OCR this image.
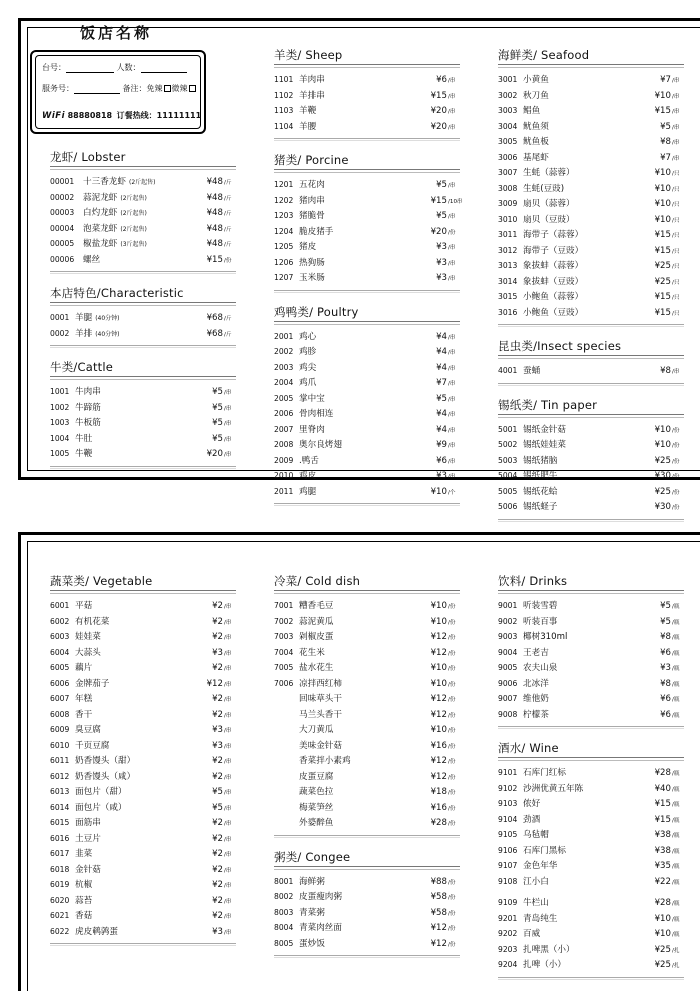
饭店名称
台号：	人数：
服务号：	备注：免辣 微辣
WiFi 88880818 订餐热线：11111111
龙虾/ Lobster
00001	十三香龙虾 (2斤起售)	¥48 /斤
00002	蒜泥龙虾 (2斤起售)	¥48 /斤
00003	白灼龙虾 (2斤起售)	¥48 /斤
00004	泡菜龙虾 (2斤起售)	¥48 /斤
00005	椒盐龙虾 (3斤起售)	¥48 /斤
00006	螺丝	¥15 /份
本店特色/Characteristic
0001 羊腿 (40分钟)	¥68 /斤
0002 羊排 (40分钟)	¥68 /斤
牛类/Cattle
1001 牛肉串	¥5 /串
1002 牛蹄筋	¥5 /串
1003 牛板筋	¥5 /串
1004 牛肚	¥5 /串
1005 牛鞭	¥20 /串
羊类/ Sheep
1101 羊肉串	¥6 /串
1102 羊排串	¥15 /串
1103 羊鞭	¥20 /串
1104 羊腰	¥20 /串
猪类/ Porcine
1201 五花肉	¥5 /串
1202 猪肉串	¥15 /10串
1203 猪脆骨	¥5 /串
1204 脆皮猪手	¥20 /份
1205 猪皮	¥3 /串
1206 热狗肠	¥3 /串
1207 玉米肠	¥3 /串
鸡鸭类/ Poultry
2001 鸡心	¥4 /串
2002 鸡胗	¥4 /串
2003 鸡尖	¥4 /串
2004 鸡爪	¥7 /串
2005 掌中宝	¥5 /串
2006 骨肉相连	¥4 /串
2007 里脊肉	¥4 /串
2008 奥尔良烤翅	¥9 /串
2009 .鸭舌	¥6 /串
2010 鸡皮	¥3 /串
2011 鸡腿	¥10 /个
海鲜类/ Seafood
3001 小黄鱼	¥7 /串
3002 秋刀鱼	¥10 /串
3003 鲳鱼	¥15 /串
3004 鱿鱼须	¥5 /串
3005 鱿鱼板	¥8 /串
3006 基尾虾	¥7 /串
3007 生蚝（蒜蓉）	¥10 /只
3008 生蚝(豆豉)	¥10 /只
3009 扇贝（蒜蓉）	¥10 /只
3010 扇贝（豆豉）	¥10 /只
3011 海带子（蒜蓉）	¥15 /只
3012 海带子（豆豉）	¥15 /只
3013 象拔蚌（蒜蓉）	¥25 /只
3014 象拔蚌（豆豉）	¥25 /只
3015 小鲍鱼（蒜蓉）	¥15 /只
3016 小鲍鱼（豆豉）	¥15 /只
昆虫类/Insect species
4001 蚕蛹	¥8 /串
锡纸类/ Tin paper
5001 锡纸金针菇	¥10 /份
5002 锡纸娃娃菜	¥10 /份
5003 锡纸猪脑	¥25 /份
5004 锡纸肥牛	¥30 /份
5005 锡纸花蛤	¥25 /份
5006 锡纸蛏子	¥30 /份
蔬菜类/ Vegetable
6001 平菇	¥2 /串
6002 有机花菜	¥2 /串
6003 娃娃菜	¥2 /串
6004 大蒜头	¥3 /串
6005 藕片	¥2 /串
6006 金牌茄子	¥12 /串
6007 年糕	¥2 /串
6008 香干	¥2 /串
6009 臭豆腐	¥3 /串
6010 千页豆腐	¥3 /串
6011 奶香馒头（甜）	¥2 /串
6012 奶香馒头（咸）	¥2 /串
6013 面包片（甜）	¥5 /串
6014 面包片（咸）	¥5 /串
6015 面筋串	¥2 /串
6016 土豆片	¥2 /串
6017 韭菜	¥2 /串
6018 金针菇	¥2 /串
6019 杭椒	¥2 /串
6020 蒜苔	¥2 /串
6021 香菇	¥2 /串
6022 虎皮鹌鹑蛋	¥3 /串
冷菜/ Cold dish
7001 糟香毛豆	¥10 /份
7002 蒜泥黄瓜	¥10 /份
7003 剁椒皮蛋	¥12 /份
7004 花生米	¥12 /份
7005 盐水花生	¥10 /份
7006 凉拌西红柿	¥10 /份
回味草头干	¥12 /份
马兰头香干	¥12 /份
大刀黄瓜	¥10 /份
美味金针菇	¥16 /份
香菜拌小素鸡	¥12 /份
皮蛋豆腐	¥12 /份
蔬菜色拉	¥18 /份
梅菜笋丝	¥16 /份
外婆醉鱼	¥28 /份
粥类/ Congee
8001 海鲜粥	¥88 /份
8002 皮蛋瘦肉粥	¥58 /份
8003 青菜粥	¥58 /份
8004 青菜肉丝面	¥12 /份
8005 蛋炒饭	¥12 /份
饮料/ Drinks
9001 听装雪碧	¥5 /瓶
9002 听装百事	¥5 /瓶
9003 椰树310ml	¥8 /瓶
9004 王老吉	¥6 /瓶
9005 农夫山泉	¥3 /瓶
9006 北冰洋	¥8 /瓶
9007 维他奶	¥6 /瓶
9008 柠檬茶	¥6 /瓶
酒水/ Wine
9101 石库门红标	¥28 /瓶
9102 沙洲优黄五年陈	¥40 /瓶
9103 侬好	¥15 /瓶
9104 劲酒	¥15 /瓶
9105 乌毡帽	¥38 /瓶
9106 石库门黑标	¥38 /瓶
9107 金色年华	¥35 /瓶
9108 江小白	¥22 /瓶
9109 牛栏山	¥28 /瓶
9201 青岛纯生	¥10 /瓶
9202 百威	¥10 /瓶
9203 扎啤黑（小）	¥25 /扎
9204 扎啤（小）	¥25 /扎
